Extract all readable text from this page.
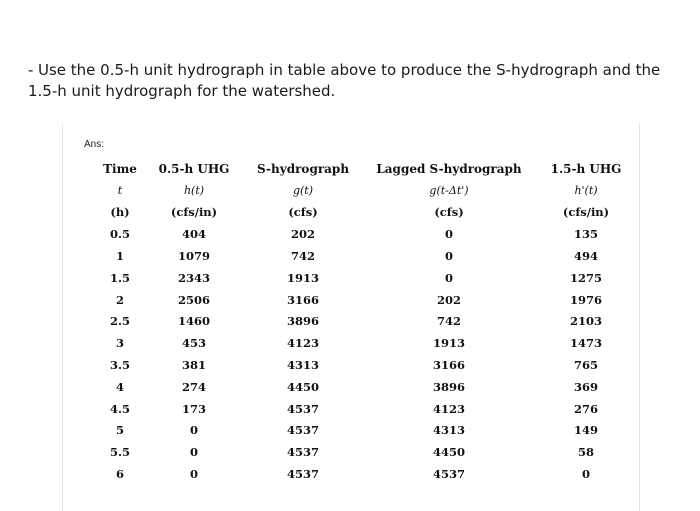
- Use the 0.5-h unit hydrograph in table above to produce the S-hydrograph and the 1.5-h unit hydrograph for the watershed.
Ans:
Time	0.5-h UHG	S-hydrograph	Lagged S-hydrograph	1.5-h UHG
t	h(t)	g(t)	g(t-Δt')	h'(t)
(h)	(cfs/in)	(cfs)	(cfs)	(cfs/in)
0.5	404	202	0	135
1	1079	742	0	494
1.5	2343	1913	0	1275
2	2506	3166	202	1976
2.5	1460	3896	742	2103
3	453	4123	1913	1473
3.5	381	4313	3166	765
4	274	4450	3896	369
4.5	173	4537	4123	276
5	0	4537	4313	149
5.5	0	4537	4450	58
6	0	4537	4537	0
